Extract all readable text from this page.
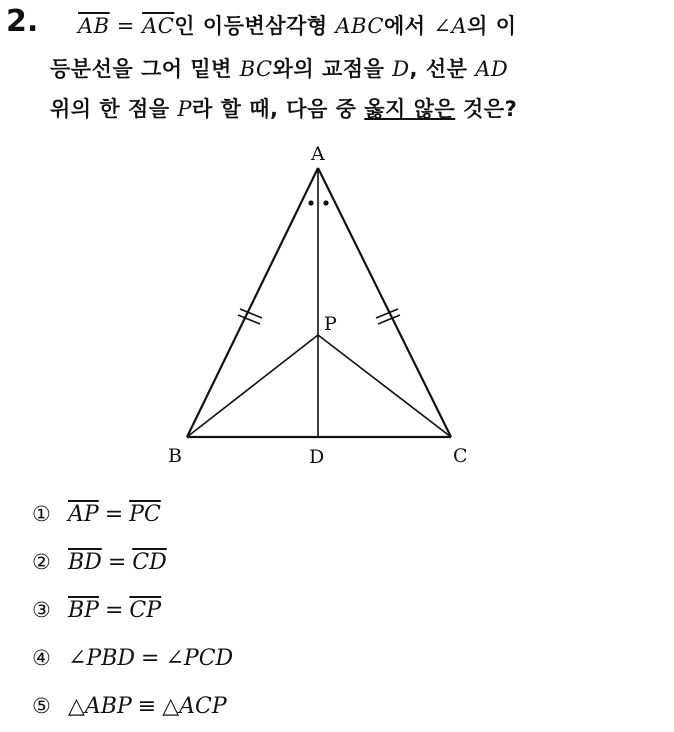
2. $\overline{AB} = \overline{AC}$인 이등변삼각형 ABC에서 ∠A의 이
등분선을 그어 밑변 BC와의 교점을 D, 선분 AD
위의 한 점을 P라 할 때, 다음 중 옳지 않은 것은?
A
B	C
D
P
① $\overline{AP} = \overline{PC}$
② $\overline{BD} = \overline{CD}$
③ $\overline{BP} = \overline{CP}$
④ ∠PBD = ∠PCD
⑤ △ABP ≡ △ACP
